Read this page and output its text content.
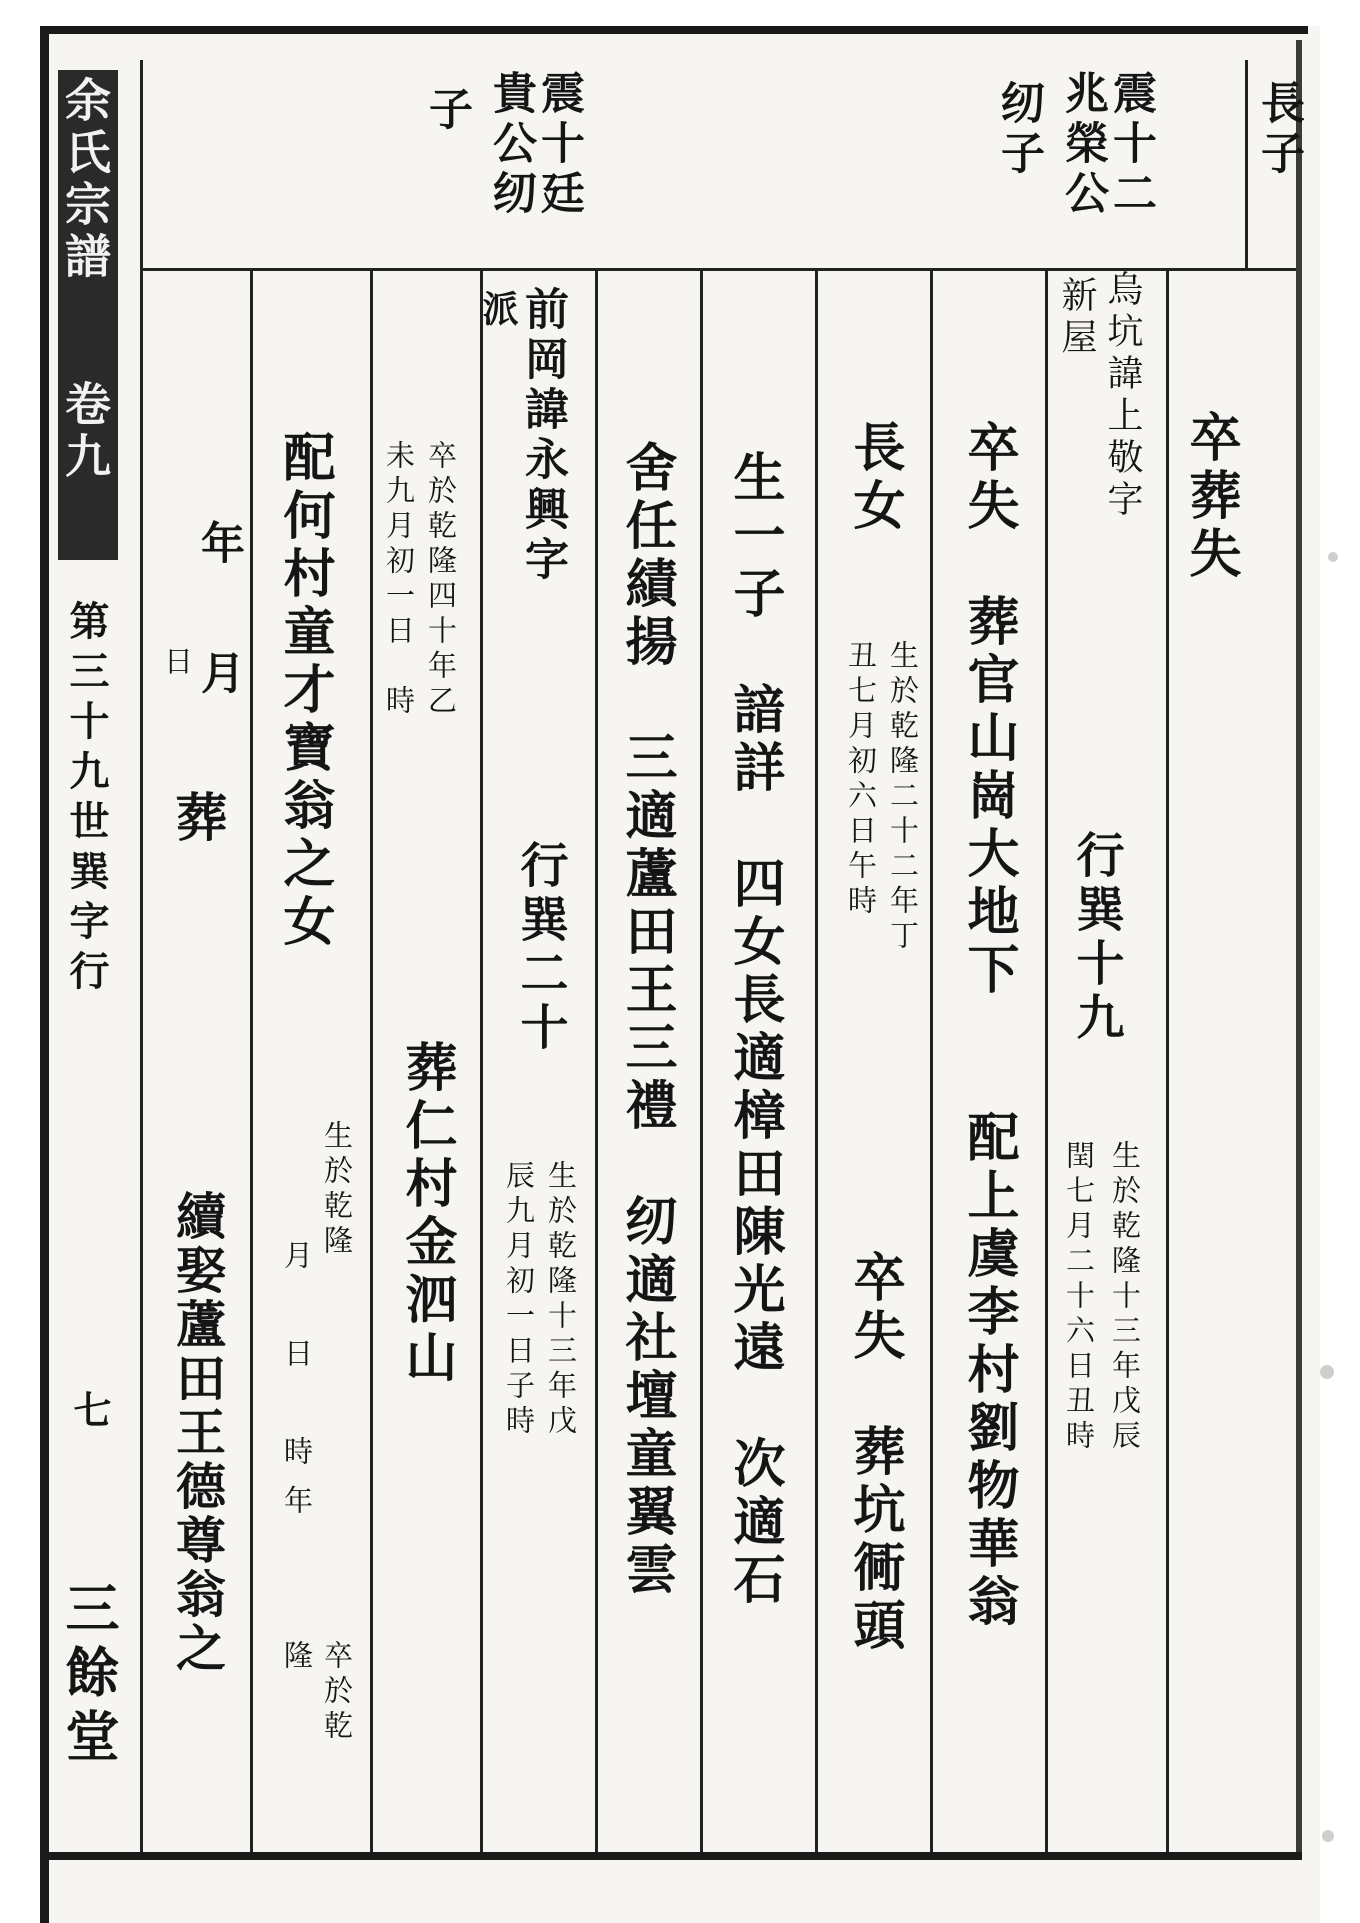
余氏宗譜
卷九
第三十九世巽字行
七
三餘堂
長子
震十二
兆榮公
纫子
震十廷
貴公纫
子
卒葬失
烏坑諱上敬字
新屋
行巽十九
生於乾隆十三年戊辰
閏七月二十六日丑時
卒失　葬官山崗大地下
配上虞李村劉物華翁
長女
生於乾隆二十二年丁
丑七月初六日午時
卒失　葬坑衕頭
生一子　諳詳　四女長適樟田陳光遠　次適石
舍任績揚　三適蘆田王三禮　纫適社壇童翼雲
前岡諱永興字
派
行巽二十
生於乾隆十三年戊
辰九月初一日子時
卒於乾隆四十年乙
未九月初一日　時
葬仁村金泗山
配何村童才寶翁之女
生於乾隆
月　日　時年
卒於乾
隆
年
月
日
葬
續娶蘆田王德尊翁之
